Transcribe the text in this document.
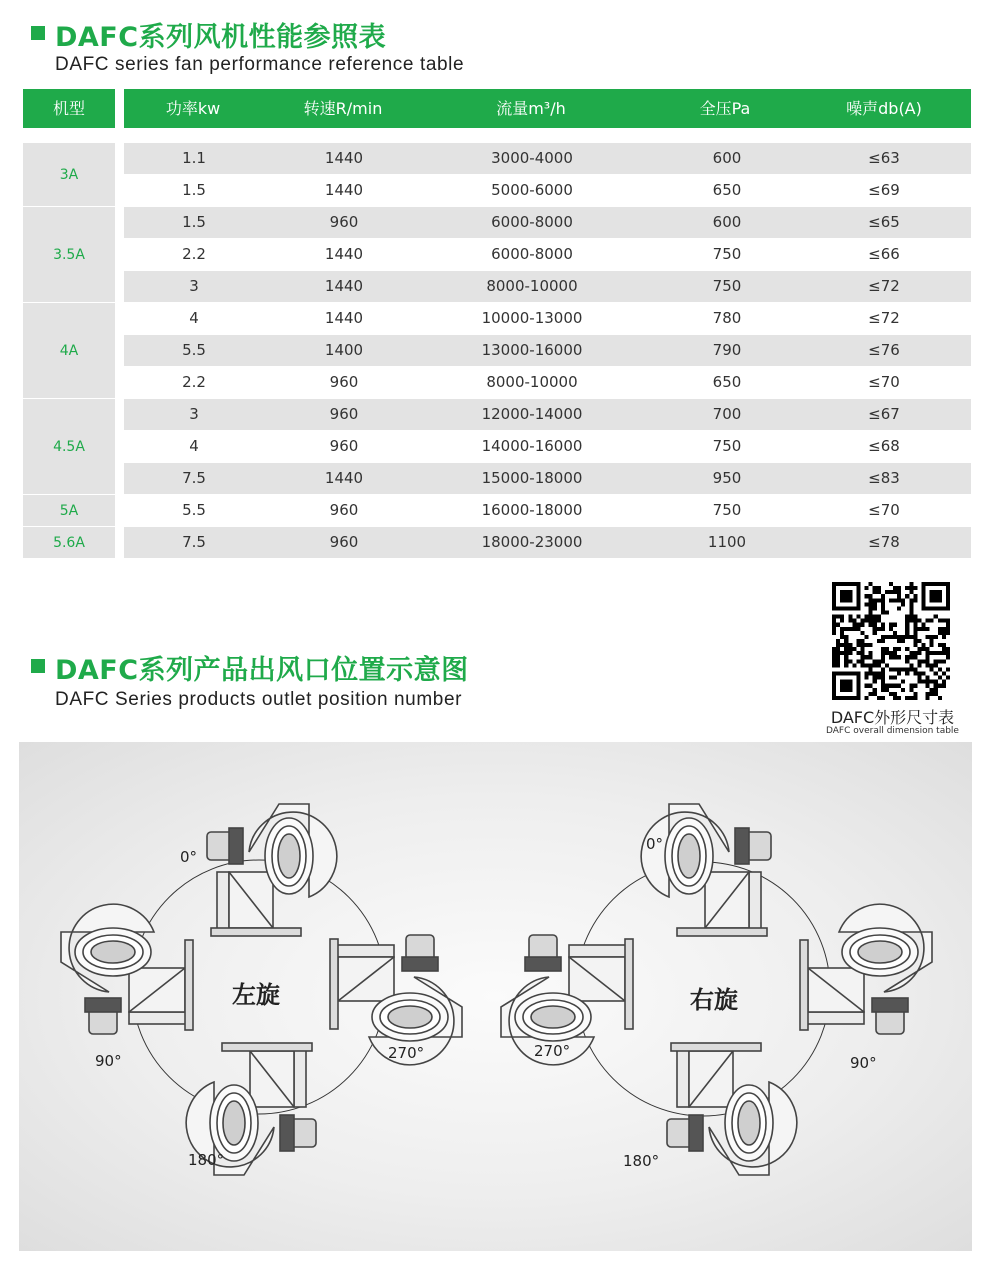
DAFC系列风机性能参照表
DAFC series fan performance reference table
机型	功率kw	转速R/min	流量m³/h	全压Pa	噪声db(A)
3A
1.1	1440	3000-4000	600	≤63
1.5	1440	5000-6000	650	≤69
3.5A
1.5	960	6000-8000	600	≤65
2.2	1440	6000-8000	750	≤66
3	1440	8000-10000	750	≤72
4A
4	1440	10000-13000	780	≤72
5.5	1400	13000-16000	790	≤76
2.2	960	8000-10000	650	≤70
4.5A
3	960	12000-14000	700	≤67
4	960	14000-16000	750	≤68
7.5	1440	15000-18000	950	≤83
5A	5.5	960	16000-18000	750	≤70
5.6A	7.5	960	18000-23000	1100	≤78
DAFC系列产品出风口位置示意图
DAFC Series products outlet position number
DAFC外形尺寸表
DAFC overall dimension table
0°
90°	270°
180°
左旋
0°
270°
90°
180°
右旋
